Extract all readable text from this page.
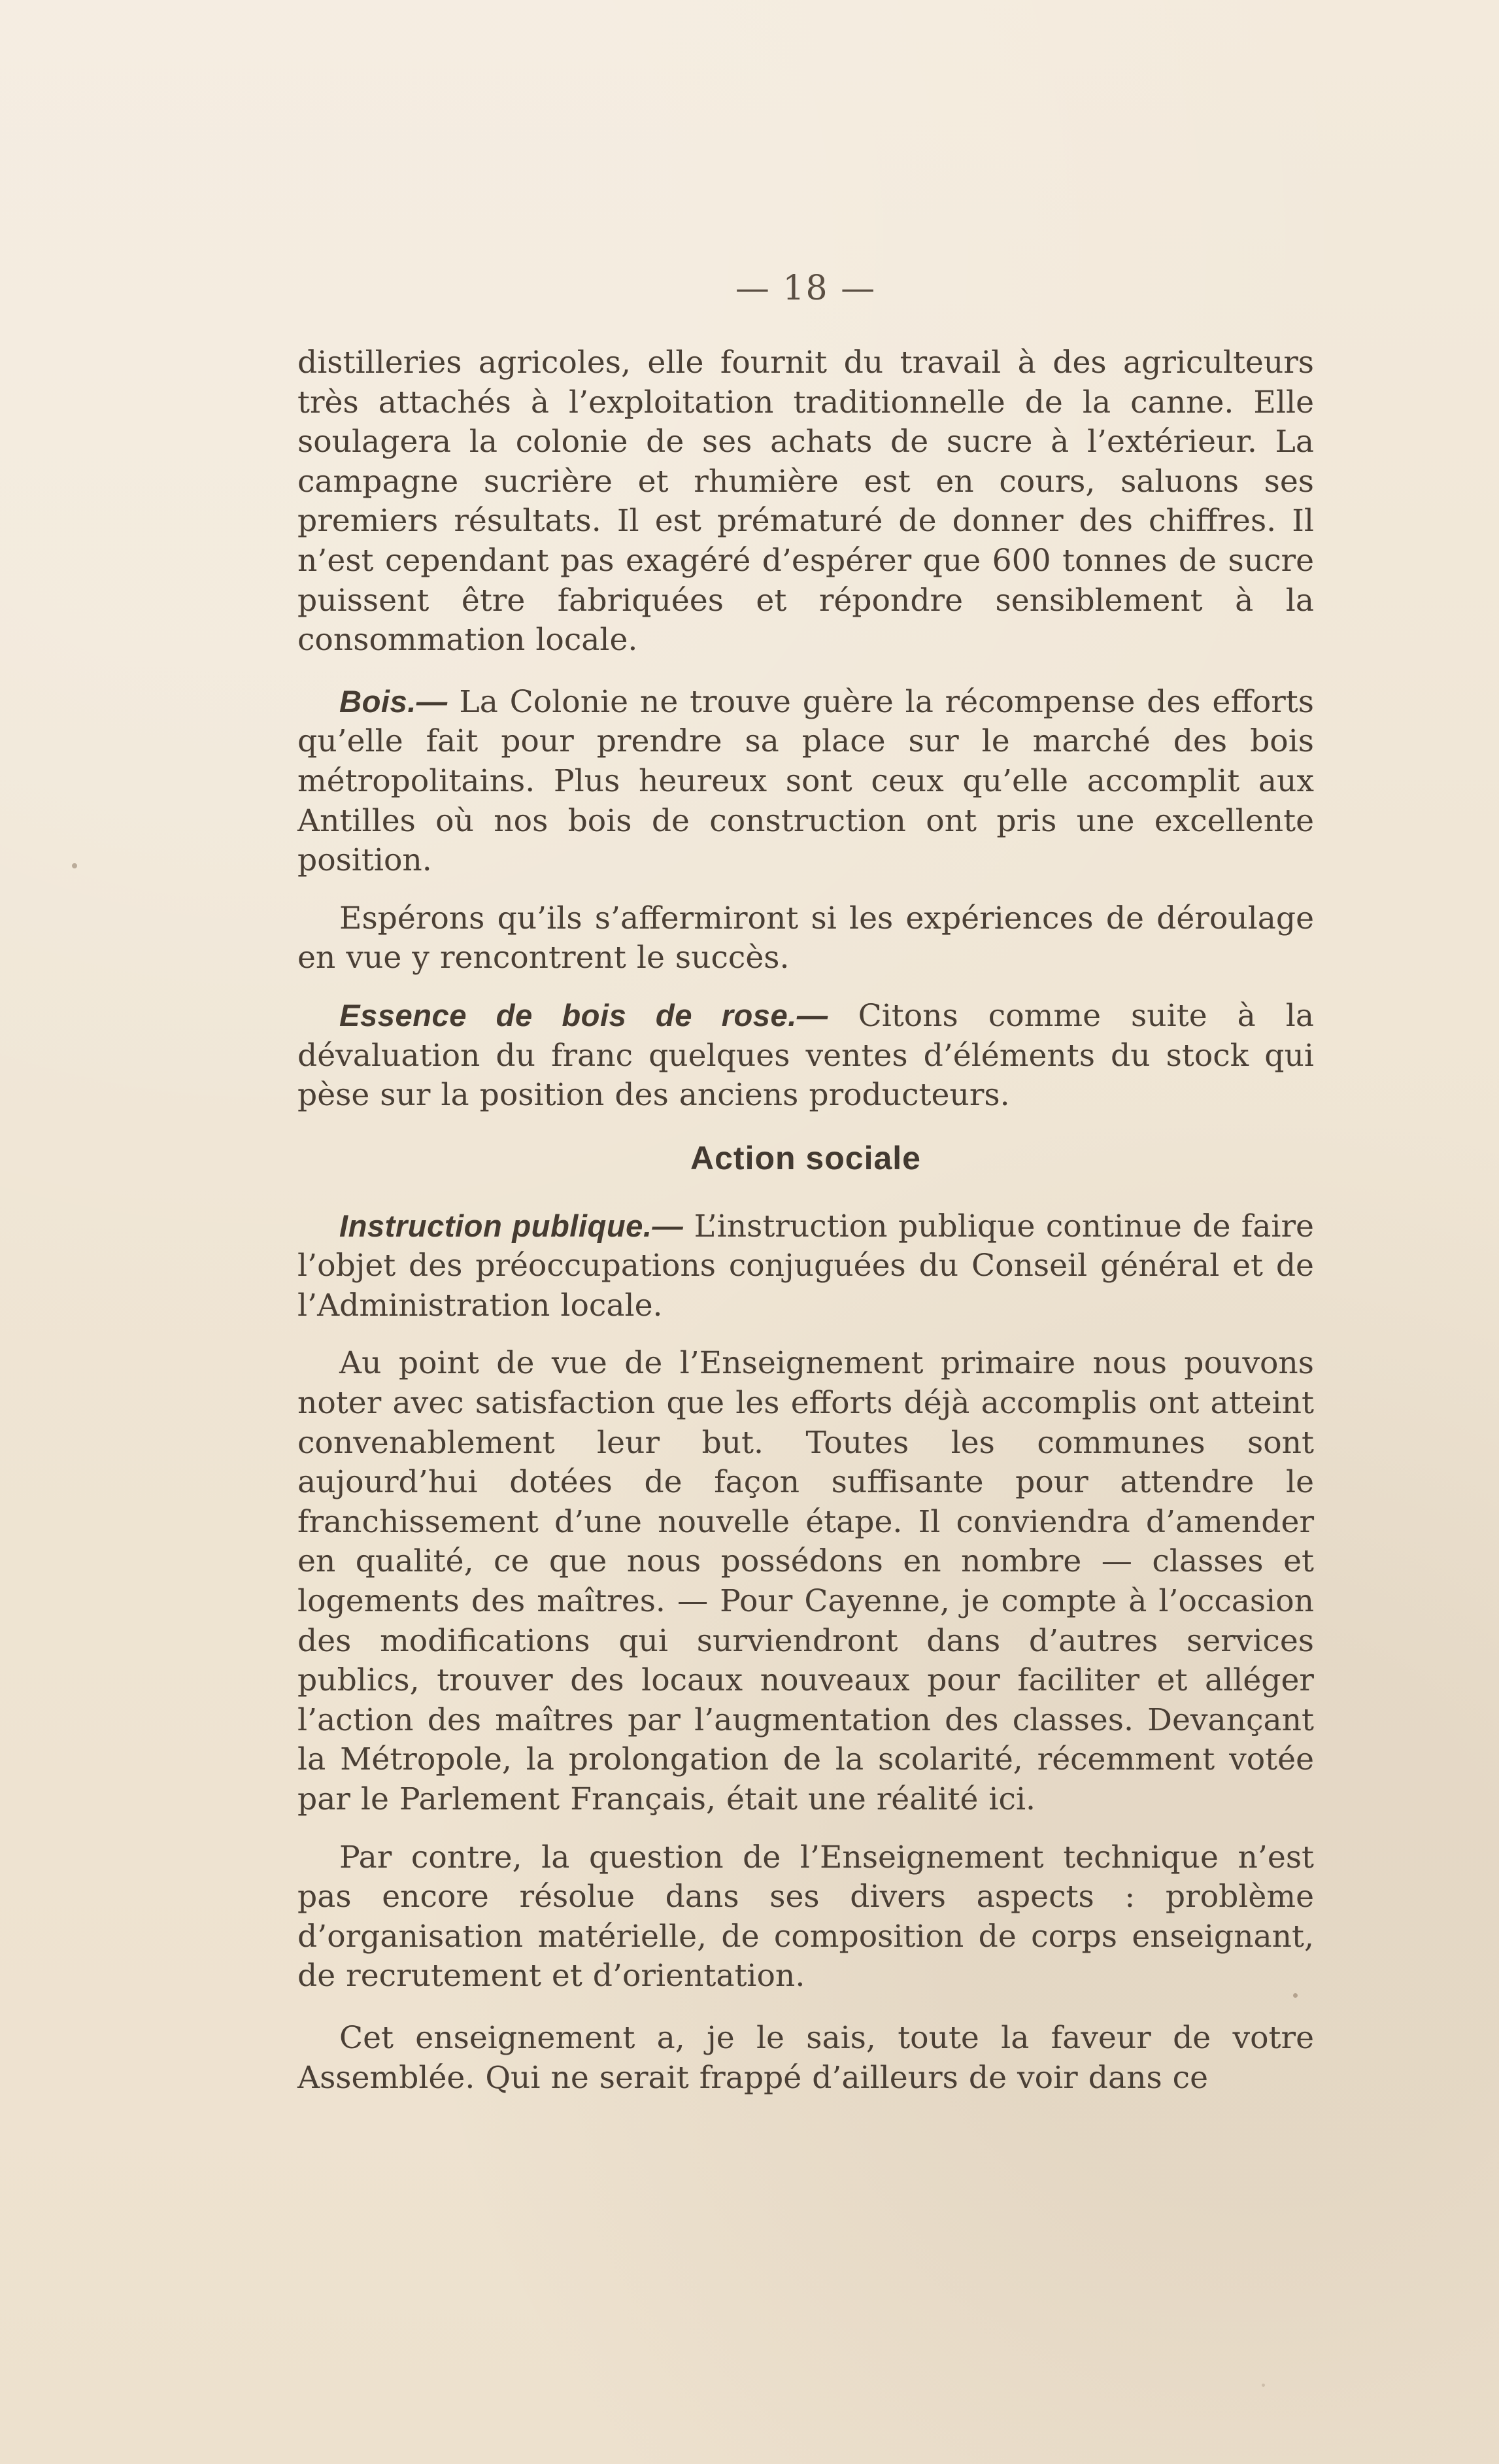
— 18 —

distilleries agricoles, elle fournit du travail à des agriculteurs très attachés à l’exploitation traditionnelle de la canne. Elle soulagera la colonie de ses achats de sucre à l’extérieur. La campagne sucrière et rhumière est en cours, saluons ses premiers résultats. Il est prématuré de donner des chiffres. Il n’est cependant pas exagéré d’espérer que 600 tonnes de sucre puissent être fabriquées et répondre sensiblement à la consommation locale.

Bois.— La Colonie ne trouve guère la récompense des efforts qu’elle fait pour prendre sa place sur le marché des bois métropolitains. Plus heureux sont ceux qu’elle accomplit aux Antilles où nos bois de construction ont pris une excellente position.

Espérons qu’ils s’affermiront si les expériences de déroulage en vue y rencontrent le succès.

Essence de bois de rose.— Citons comme suite à la dévaluation du franc quelques ventes d’éléments du stock qui pèse sur la position des anciens producteurs.

Action sociale

Instruction publique.— L’instruction publique continue de faire l’objet des préoccupations conjuguées du Conseil général et de l’Administration locale.

Au point de vue de l’Enseignement primaire nous pouvons noter avec satisfaction que les efforts déjà accomplis ont atteint convenablement leur but. Toutes les communes sont aujourd’hui dotées de façon suffisante pour attendre le franchissement d’une nouvelle étape. Il conviendra d’amender en qualité, ce que nous possédons en nombre — classes et logements des maîtres. — Pour Cayenne, je compte à l’occasion des modifications qui surviendront dans d’autres services publics, trouver des locaux nouveaux pour faciliter et alléger l’action des maîtres par l’augmentation des classes. Devançant la Métropole, la prolongation de la scolarité, récemment votée par le Parlement Français, était une réalité ici.

Par contre, la question de l’Enseignement technique n’est pas encore résolue dans ses divers aspects : problème d’organisation matérielle, de composition de corps enseignant, de recrutement et d’orientation.

Cet enseignement a, je le sais, toute la faveur de votre Assemblée. Qui ne serait frappé d’ailleurs de voir dans ce
